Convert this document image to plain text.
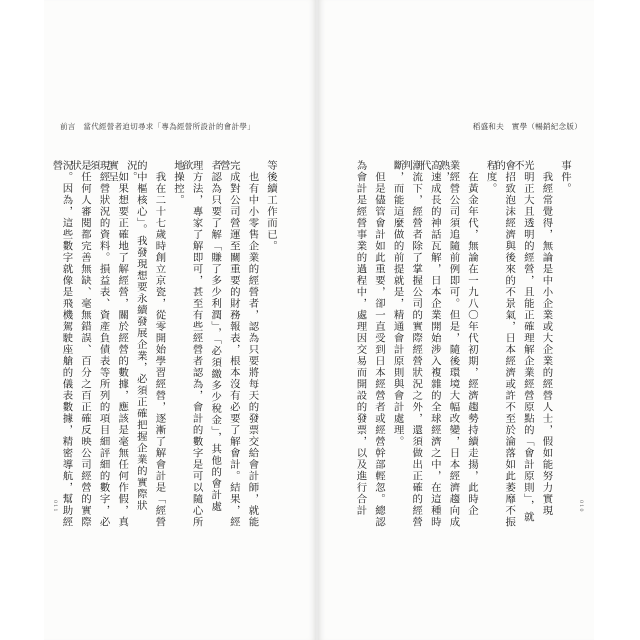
前言　當代經營者迫切尋求「專為經營所設計的會計學」	稻盛和夫　實學（暢銷紀念版）
事件。
　我經常覺得，無論是中小企業或大企業的經營人士，假如能努力實現
光明正大且透明的經營，且能正確理解企業經營原點的「會計原則」，就不
會招致泡沫經濟與後來的不景氣，日本經濟或許不至於淪落如此萎靡不振的
程度。
　在黃金年代，無論在一九八〇年代初期，經濟趨勢持續走揚，此時企
業經營公司須追隨前例即可。但是，隨後環境大幅改變，日本經濟趨向成熟，
高速成長的神話瓦解，日本企業開始涉入複雜的全球經濟之中，在這種時代
潮流下，經營者除了掌握公司的實際經營狀況之外，還須做出正確的經營判
斷，而能這麼做的前提就是，精通會計原則與會計處理。
　但是儘管會計如此重要，卻一直受到日本經營者或經營幹部輕忽。總認
為會計是經營事業的過程中，處理因交易而開設的發票，以及進行合計
等後續工作而已。
　也有中小零售企業的經營者，認為只要將每天的發票交給會計師，就能
完成對公司營運至關重要的財務報表，根本沒有必要了解會計。結果，經營
者認為只要了解「賺了多少利潤」，「必須繳多少稅金」，其他的會計處
理方法，專家了解即可，甚至有些經營者認為，會計的數字是可以隨心所欲
地操控。
　我在二十七歲時創立京瓷，從零開始學習經營，逐漸了解會計是「經營
的中樞核心」。我發現想要永續發展企業，必須正確把握企業的實際狀況。
　如果想要正確地了解經營，關於經營的數據，應該是毫無任何作假，真實呈
現經營狀況的資料。損益表、資產負債表等所列的項目細評細的數字，必須
是任何人審閱都完善無缺、毫無錯誤、百分之百正確反映公司經營的實際狀
況。因為，這些數字就像是飛機駕駛座艙的儀表數據，精密導航，幫助經營
011	010
